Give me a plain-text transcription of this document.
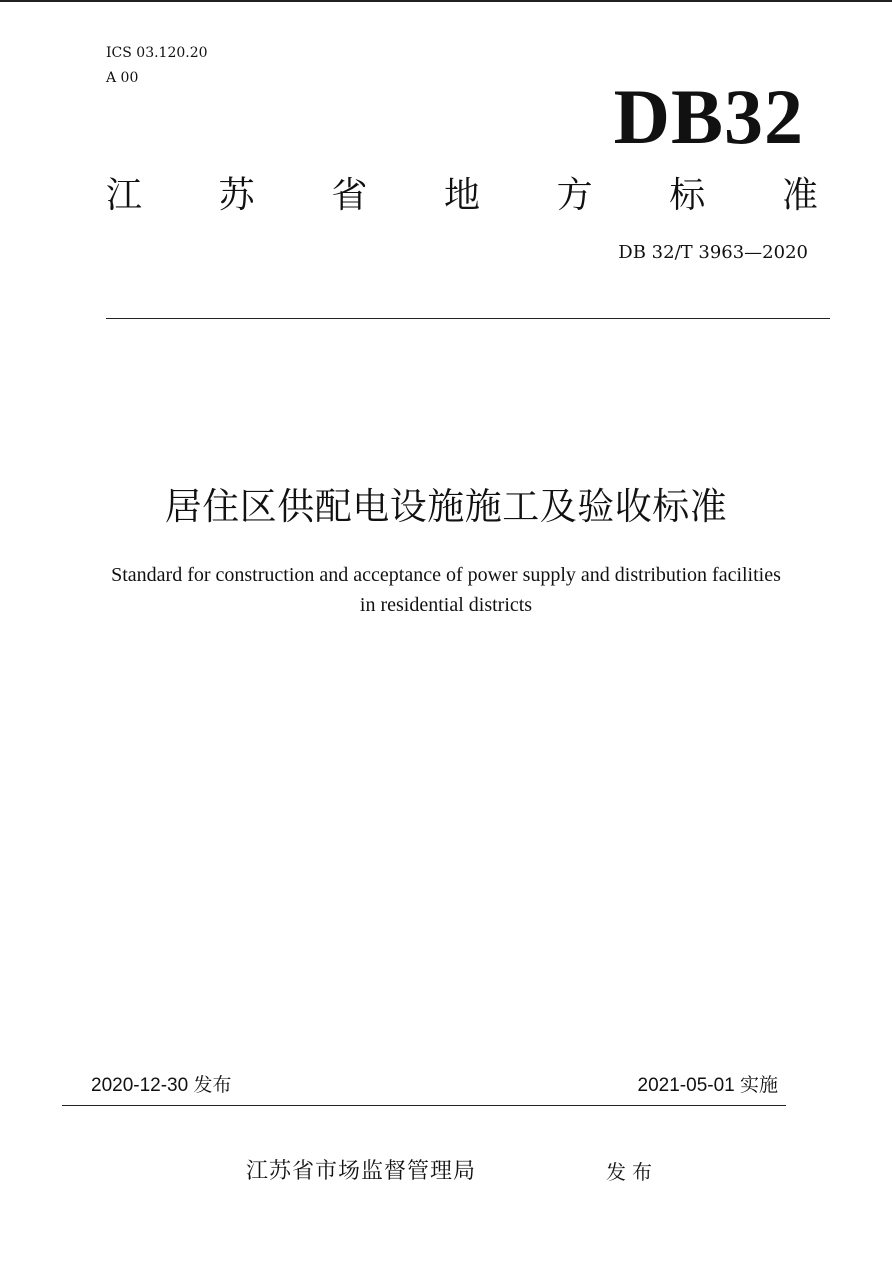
ICS 03.120.20
A 00	DB32
江 苏 省 地 方 标 准
DB 32/T 3963—2020
居住区供配电设施施工及验收标准
Standard for construction and acceptance of power supply and distribution facilities
in residential districts
2020-12-30 发布	2021-05-01 实施
江苏省市场监督管理局	发布
